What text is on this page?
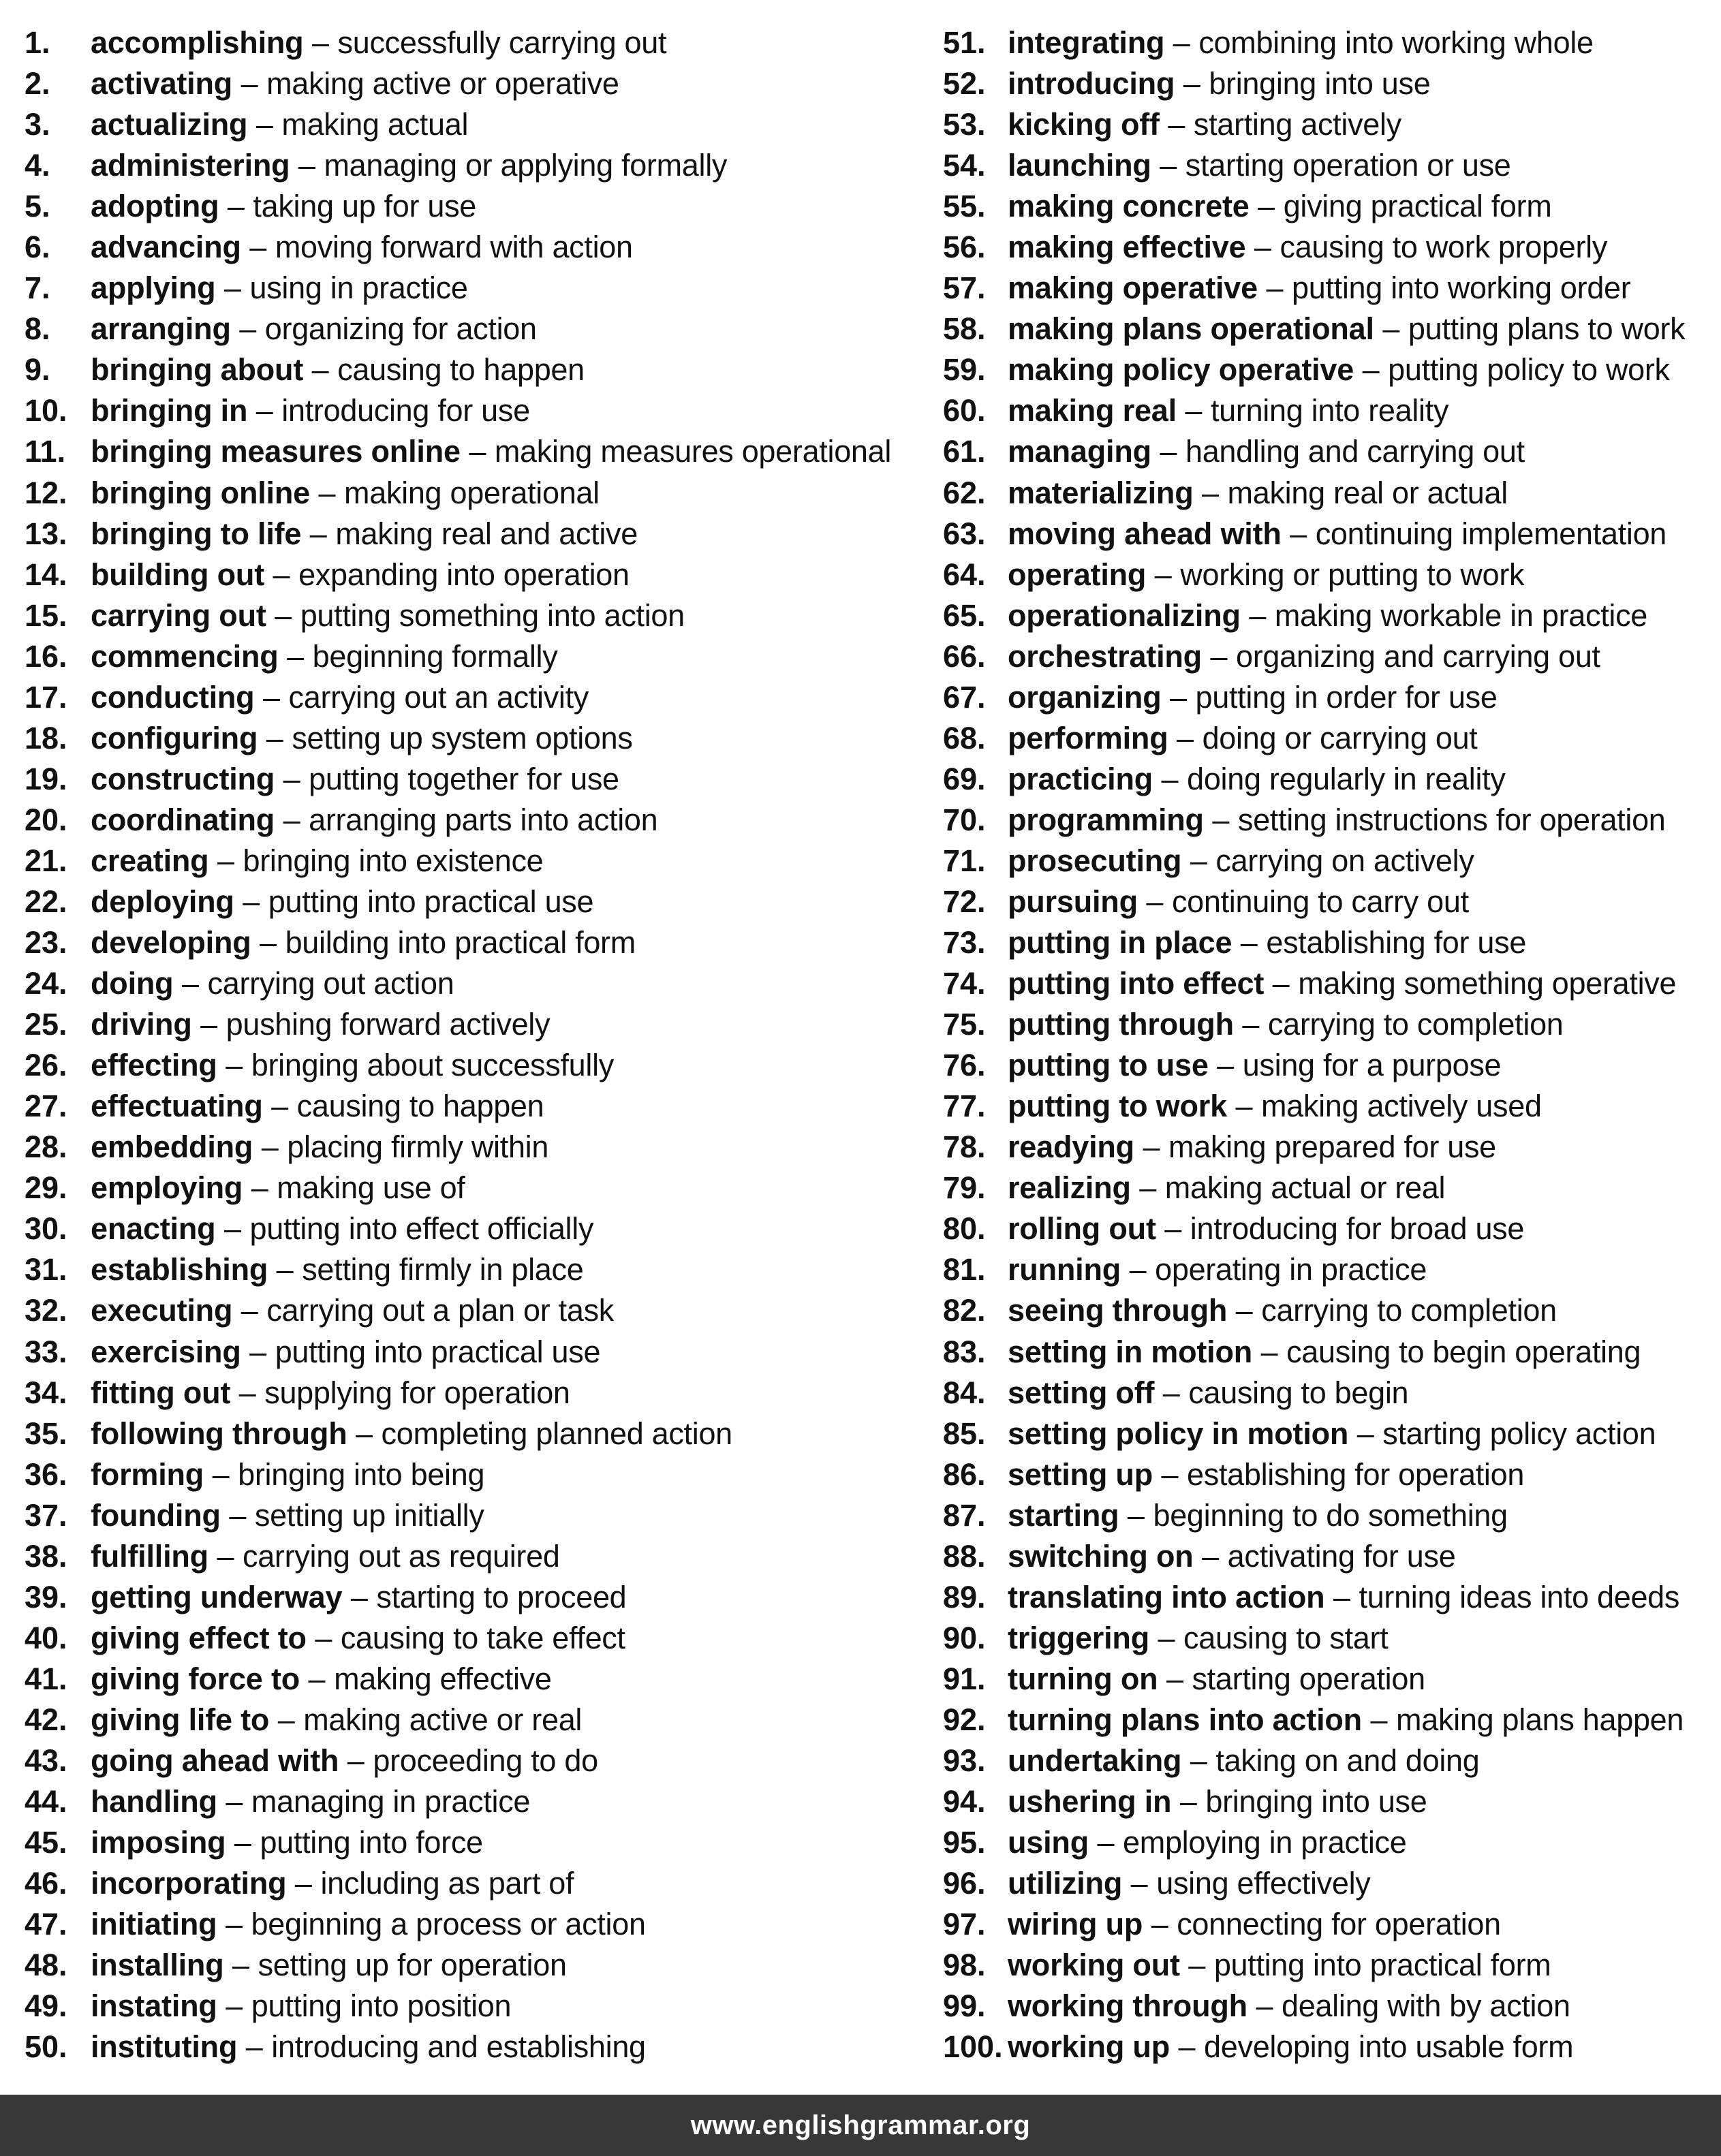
1.	accomplishing – successfully carrying out
2.	activating – making active or operative
3.	actualizing – making actual
4.	administering – managing or applying formally
5.	adopting – taking up for use
6.	advancing – moving forward with action
7.	applying – using in practice
8.	arranging – organizing for action
9.	bringing about – causing to happen
10. bringing in – introducing for use
11. bringing measures online – making measures operational
12. bringing online – making operational
13. bringing to life – making real and active
14. building out – expanding into operation
15. carrying out – putting something into action
16. commencing – beginning formally
17. conducting – carrying out an activity
18. configuring – setting up system options
19. constructing – putting together for use
20. coordinating – arranging parts into action
21. creating – bringing into existence
22. deploying – putting into practical use
23. developing – building into practical form
24. doing – carrying out action
25. driving – pushing forward actively
26. effecting – bringing about successfully
27. effectuating – causing to happen
28. embedding – placing firmly within
29. employing – making use of
30. enacting – putting into effect officially
31. establishing – setting firmly in place
32. executing – carrying out a plan or task
33. exercising – putting into practical use
34. fitting out – supplying for operation
35. following through – completing planned action
36. forming – bringing into being
37. founding – setting up initially
38. fulfilling – carrying out as required
39. getting underway – starting to proceed
40. giving effect to – causing to take effect
41. giving force to – making effective
42. giving life to – making active or real
43. going ahead with – proceeding to do
44. handling – managing in practice
45. imposing – putting into force
46. incorporating – including as part of
47. initiating – beginning a process or action
48. installing – setting up for operation
49. instating – putting into position
50. instituting – introducing and establishing
51. integrating – combining into working whole
52. introducing – bringing into use
53. kicking off – starting actively
54. launching – starting operation or use
55. making concrete – giving practical form
56. making effective – causing to work properly
57. making operative – putting into working order
58. making plans operational – putting plans to work
59. making policy operative – putting policy to work
60. making real – turning into reality
61. managing – handling and carrying out
62. materializing – making real or actual
63. moving ahead with – continuing implementation
64. operating – working or putting to work
65. operationalizing – making workable in practice
66. orchestrating – organizing and carrying out
67. organizing – putting in order for use
68. performing – doing or carrying out
69. practicing – doing regularly in reality
70. programming – setting instructions for operation
71. prosecuting – carrying on actively
72. pursuing – continuing to carry out
73. putting in place – establishing for use
74. putting into effect – making something operative
75. putting through – carrying to completion
76. putting to use – using for a purpose
77. putting to work – making actively used
78. readying – making prepared for use
79. realizing – making actual or real
80. rolling out – introducing for broad use
81. running – operating in practice
82. seeing through – carrying to completion
83. setting in motion – causing to begin operating
84. setting off – causing to begin
85. setting policy in motion – starting policy action
86. setting up – establishing for operation
87. starting – beginning to do something
88. switching on – activating for use
89. translating into action – turning ideas into deeds
90. triggering – causing to start
91. turning on – starting operation
92. turning plans into action – making plans happen
93. undertaking – taking on and doing
94. ushering in – bringing into use
95. using – employing in practice
96. utilizing – using effectively
97. wiring up – connecting for operation
98. working out – putting into practical form
99. working through – dealing with by action
100. working up – developing into usable form
www.englishgrammar.org
